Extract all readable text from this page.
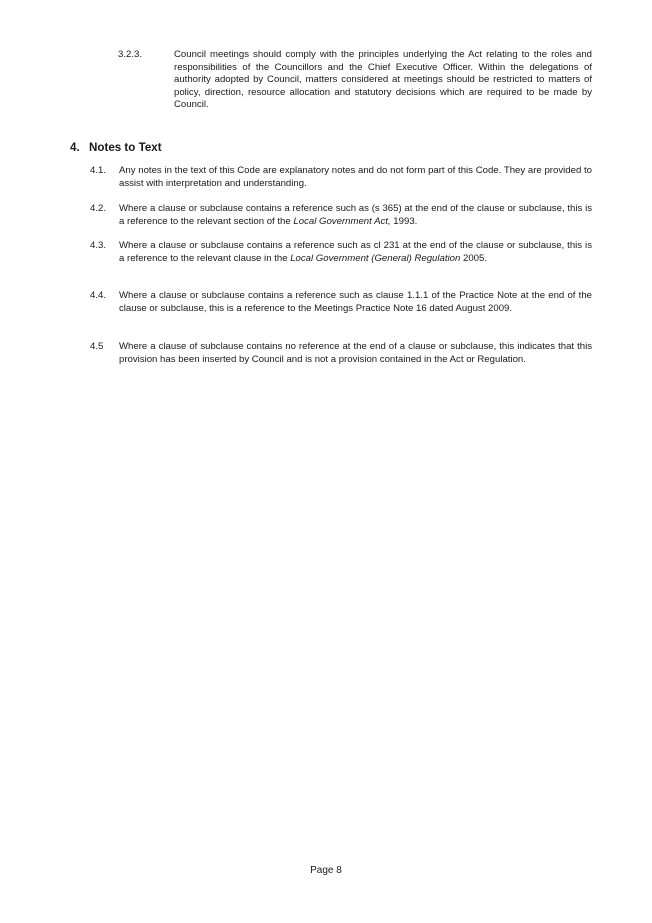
3.2.3.	Council meetings should comply with the principles underlying the Act relating to the roles and responsibilities of the Councillors and the Chief Executive Officer. Within the delegations of authority adopted by Council, matters considered at meetings should be restricted to matters of policy, direction, resource allocation and statutory decisions which are required to be made by Council.
4. Notes to Text
4.1.	Any notes in the text of this Code are explanatory notes and do not form part of this Code. They are provided to assist with interpretation and understanding.
4.2.	Where a clause or subclause contains a reference such as (s 365) at the end of the clause or subclause, this is a reference to the relevant section of the Local Government Act, 1993.
4.3.	Where a clause or subclause contains a reference such as cl 231 at the end of the clause or subclause, this is a reference to the relevant clause in the Local Government (General) Regulation 2005.
4.4.	Where a clause or subclause contains a reference such as clause 1.1.1 of the Practice Note at the end of the clause or subclause, this is a reference to the Meetings Practice Note 16 dated August 2009.
4.5	Where a clause of subclause contains no reference at the end of a clause or subclause, this indicates that this provision has been inserted by Council and is not a provision contained in the Act or Regulation.
Page 8
